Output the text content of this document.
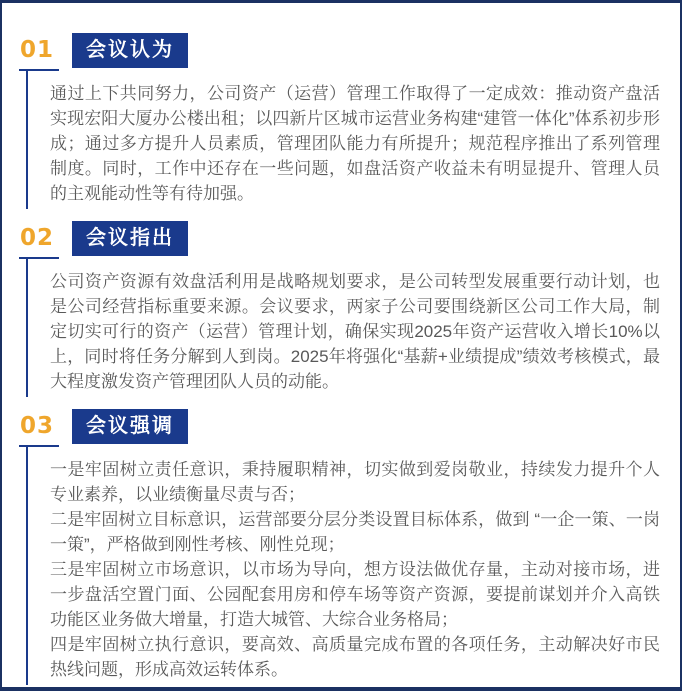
01	会议认为

通过上下共同努力，公司资产（运营）管理工作取得了一定成效：推动资产盘活实现宏阳大厦办公楼出租；以四新片区城市运营业务构建“建管一体化”体系初步形成；通过多方提升人员素质，管理团队能力有所提升；规范程序推出了系列管理制度。同时，工作中还存在一些问题，如盘活资产收益未有明显提升、管理人员的主观能动性等有待加强。

02	会议指出

公司资产资源有效盘活利用是战略规划要求，是公司转型发展重要行动计划，也是公司经营指标重要来源。会议要求，两家子公司要围绕新区公司工作大局，制定切实可行的资产（运营）管理计划，确保实现2025年资产运营收入增长10%以上，同时将任务分解到人到岗。2025年将强化“基薪+业绩提成”绩效考核模式，最大程度激发资产管理团队人员的动能。

03	会议强调

一是牢固树立责任意识，秉持履职精神，切实做到爱岗敬业，持续发力提升个人专业素养，以业绩衡量尽责与否；

二是牢固树立目标意识，运营部要分层分类设置目标体系，做到 “一企一策、一岗一策”，严格做到刚性考核、刚性兑现；

三是牢固树立市场意识，以市场为导向，想方设法做优存量，主动对接市场，进一步盘活空置门面、公园配套用房和停车场等资产资源，要提前谋划并介入高铁功能区业务做大增量，打造大城管、大综合业务格局；

四是牢固树立执行意识，要高效、高质量完成布置的各项任务，主动解决好市民热线问题，形成高效运转体系。
